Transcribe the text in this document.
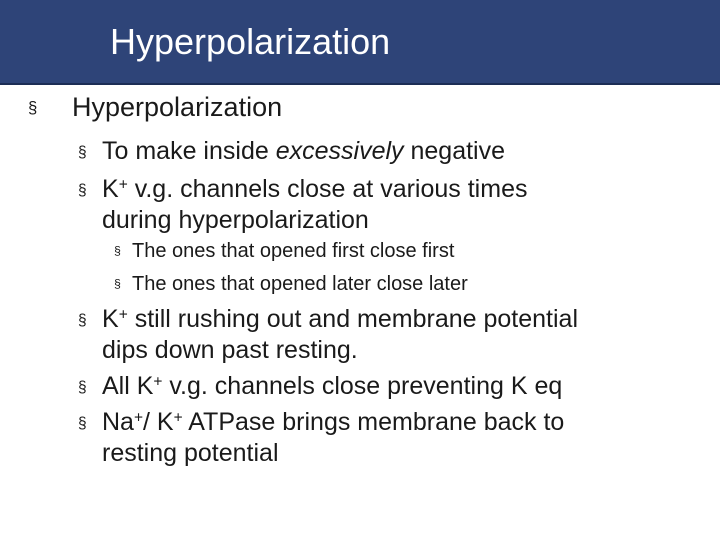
Hyperpolarization
§ Hyperpolarization
§ To make inside excessively negative
§ K+ v.g. channels close at various times
during hyperpolarization
§ The ones that opened first close first
§ The ones that opened later close later
§ K+ still rushing out and membrane potential
dips down past resting.
§ All K+ v.g. channels close preventing K eq
§ Na+/ K+ ATPase brings membrane back to
resting potential
